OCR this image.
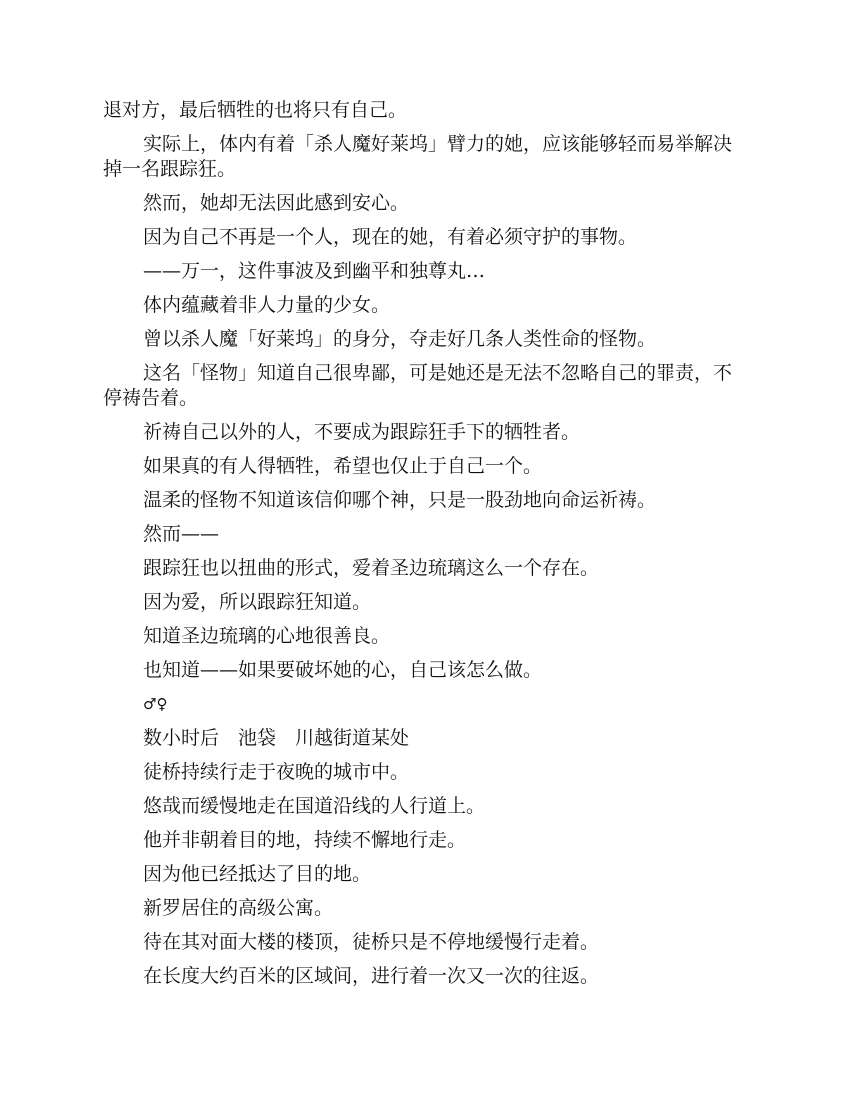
退对方，最后牺牲的也将只有自己。

实际上，体内有着「杀人魔好莱坞」臂力的她，应该能够轻而易举解决掉一名跟踪狂。

然而，她却无法因此感到安心。

因为自己不再是一个人，现在的她，有着必须守护的事物。

——万一，这件事波及到幽平和独尊丸…

体内蕴藏着非人力量的少女。

曾以杀人魔「好莱坞」的身分，夺走好几条人类性命的怪物。

这名「怪物」知道自己很卑鄙，可是她还是无法不忽略自己的罪责，不停祷告着。

祈祷自己以外的人，不要成为跟踪狂手下的牺牲者。

如果真的有人得牺牲，希望也仅止于自己一个。

温柔的怪物不知道该信仰哪个神，只是一股劲地向命运祈祷。

然而——

跟踪狂也以扭曲的形式，爱着圣边琉璃这么一个存在。

因为爱，所以跟踪狂知道。

知道圣边琉璃的心地很善良。

也知道——如果要破坏她的心，自己该怎么做。

♂♀

数小时后　池袋　川越街道某处

徒桥持续行走于夜晚的城市中。

悠哉而缓慢地走在国道沿线的人行道上。

他并非朝着目的地，持续不懈地行走。

因为他已经抵达了目的地。

新罗居住的高级公寓。

待在其对面大楼的楼顶，徒桥只是不停地缓慢行走着。

在长度大约百米的区域间，进行着一次又一次的往返。
